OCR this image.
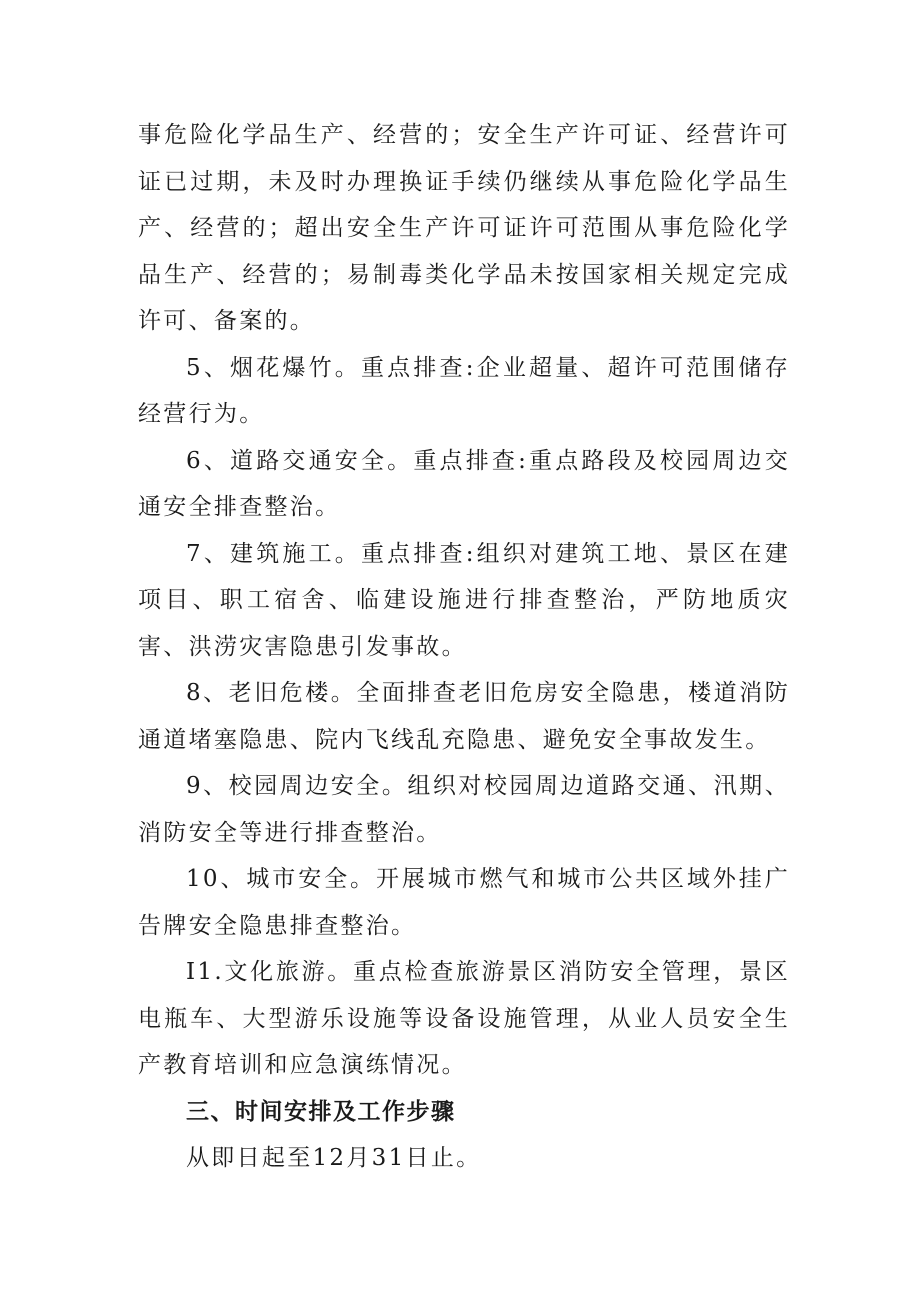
事危险化学品生产、经营的；安全生产许可证、经营许可证已过期，未及时办理换证手续仍继续从事危险化学品生产、经营的；超出安全生产许可证许可范围从事危险化学品生产、经营的；易制毒类化学品未按国家相关规定完成许可、备案的。

5、烟花爆竹。重点排查:企业超量、超许可范围储存经营行为。

6、道路交通安全。重点排查:重点路段及校园周边交通安全排查整治。

7、建筑施工。重点排查:组织对建筑工地、景区在建项目、职工宿舍、临建设施进行排查整治，严防地质灾害、洪涝灾害隐患引发事故。

8、老旧危楼。全面排查老旧危房安全隐患，楼道消防通道堵塞隐患、院内飞线乱充隐患、避免安全事故发生。

9、校园周边安全。组织对校园周边道路交通、汛期、消防安全等进行排查整治。

10、城市安全。开展城市燃气和城市公共区域外挂广告牌安全隐患排查整治。

I1.文化旅游。重点检查旅游景区消防安全管理，景区电瓶车、大型游乐设施等设备设施管理，从业人员安全生产教育培训和应急演练情况。

三、时间安排及工作步骤

从即日起至12月31日止。
